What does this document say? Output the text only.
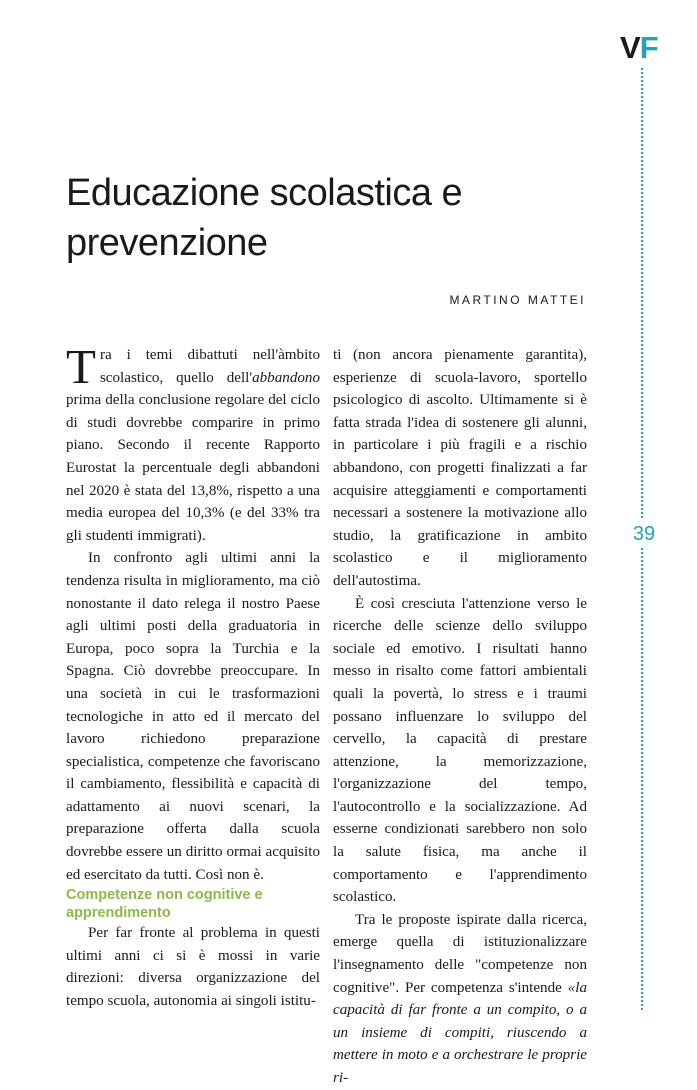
VF
39
Educazione scolastica e prevenzione
MARTINO MATTEI

Tra i temi dibattuti nell'àmbito scolastico, quello dell'abbandono prima della conclusione regolare del ciclo di studi dovrebbe comparire in primo piano. Secondo il recente Rapporto Eurostat la percentuale degli abbandoni nel 2020 è stata del 13,8%, rispetto a una media europea del 10,3% (e del 33% tra gli studenti immigrati).

In confronto agli ultimi anni la tendenza risulta in miglioramento, ma ciò nonostante il dato relega il nostro Paese agli ultimi posti della graduatoria in Europa, poco sopra la Turchia e la Spagna. Ciò dovrebbe preoccupare. In una società in cui le trasformazioni tecnologiche in atto ed il mercato del lavoro richiedono preparazione specialistica, competenze che favoriscano il cambiamento, flessibilità e capacità di adattamento ai nuovi scenari, la preparazione offerta dalla scuola dovrebbe essere un diritto ormai acquisito ed esercitato da tutti. Così non è.

Competenze non cognitive e apprendimento

Per far fronte al problema in questi ultimi anni ci si è mossi in varie direzioni: diversa organizzazione del tempo scuola, autonomia ai singoli istitu-

ti (non ancora pienamente garantita), esperienze di scuola-lavoro, sportello psicologico di ascolto. Ultimamente si è fatta strada l'idea di sostenere gli alunni, in particolare i più fragili e a rischio abbandono, con progetti finalizzati a far acquisire atteggiamenti e comportamenti necessari a sostenere la motivazione allo studio, la gratificazione in ambito scolastico e il miglioramento dell'autostima.

È così cresciuta l'attenzione verso le ricerche delle scienze dello sviluppo sociale ed emotivo. I risultati hanno messo in risalto come fattori ambientali quali la povertà, lo stress e i traumi possano influenzare lo sviluppo del cervello, la capacità di prestare attenzione, la memorizzazione, l'organizzazione del tempo, l'autocontrollo e la socializzazione. Ad esserne condizionati sarebbero non solo la salute fisica, ma anche il comportamento e l'apprendimento scolastico.

Tra le proposte ispirate dalla ricerca, emerge quella di istituzionalizzare l'insegnamento delle "competenze non cognitive". Per competenza s'intende «la capacità di far fronte a un compito, o a un insieme di compiti, riuscendo a mettere in moto e a orchestrare le proprie ri-
